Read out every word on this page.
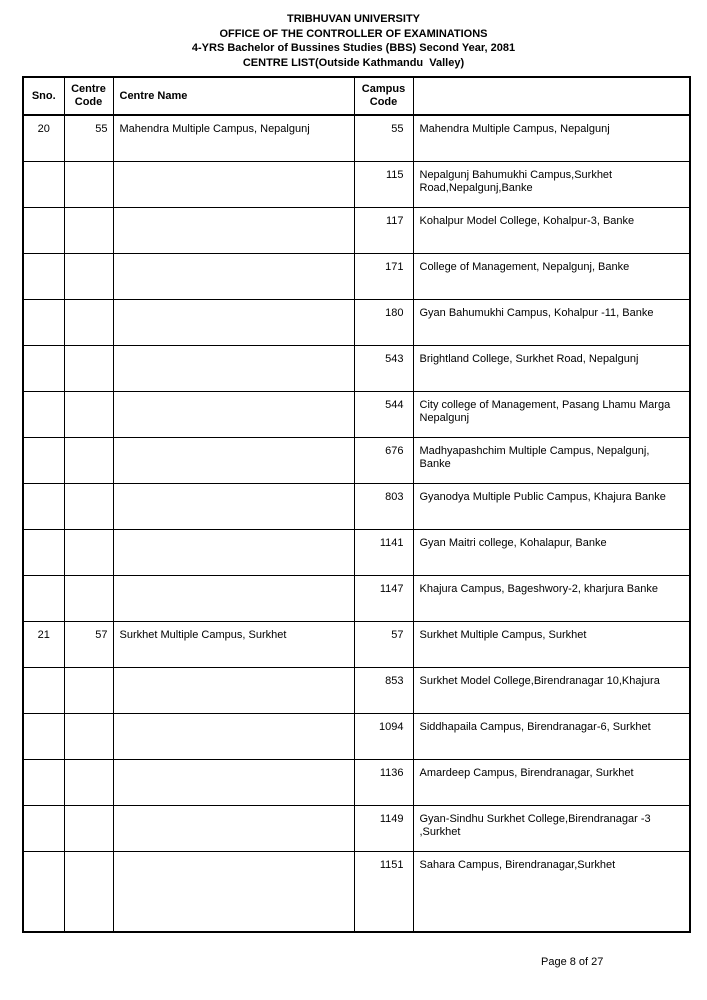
TRIBHUVAN UNIVERSITY
OFFICE OF THE CONTROLLER OF EXAMINATIONS
4-YRS Bachelor of Bussines Studies (BBS) Second Year, 2081
CENTRE LIST(Outside Kathmandu  Valley)
Sno.	Centre Code	Centre Name	Campus Code	
20	55	Mahendra Multiple Campus, Nepalgunj	55	Mahendra Multiple Campus, Nepalgunj
			115	Nepalgunj Bahumukhi Campus,Surkhet Road,Nepalgunj,Banke
			117	Kohalpur Model College, Kohalpur-3, Banke
			171	College of Management, Nepalgunj, Banke
			180	Gyan Bahumukhi Campus, Kohalpur -11, Banke
			543	Brightland College, Surkhet Road, Nepalgunj
			544	City college of Management, Pasang Lhamu Marga Nepalgunj
			676	Madhyapashchim Multiple Campus, Nepalgunj, Banke
			803	Gyanodya Multiple Public Campus, Khajura Banke
			1141	Gyan Maitri college, Kohalapur, Banke
			1147	Khajura Campus, Bageshwory-2, kharjura Banke
21	57	Surkhet Multiple Campus, Surkhet	57	Surkhet Multiple Campus, Surkhet
			853	Surkhet Model College,Birendranagar 10,Khajura
			1094	Siddhapaila Campus, Birendranagar-6, Surkhet
			1136	Amardeep Campus, Birendranagar, Surkhet
			1149	Gyan-Sindhu Surkhet College,Birendranagar -3 ,Surkhet
			1151	Sahara Campus, Birendranagar,Surkhet
Page 8 of 27
